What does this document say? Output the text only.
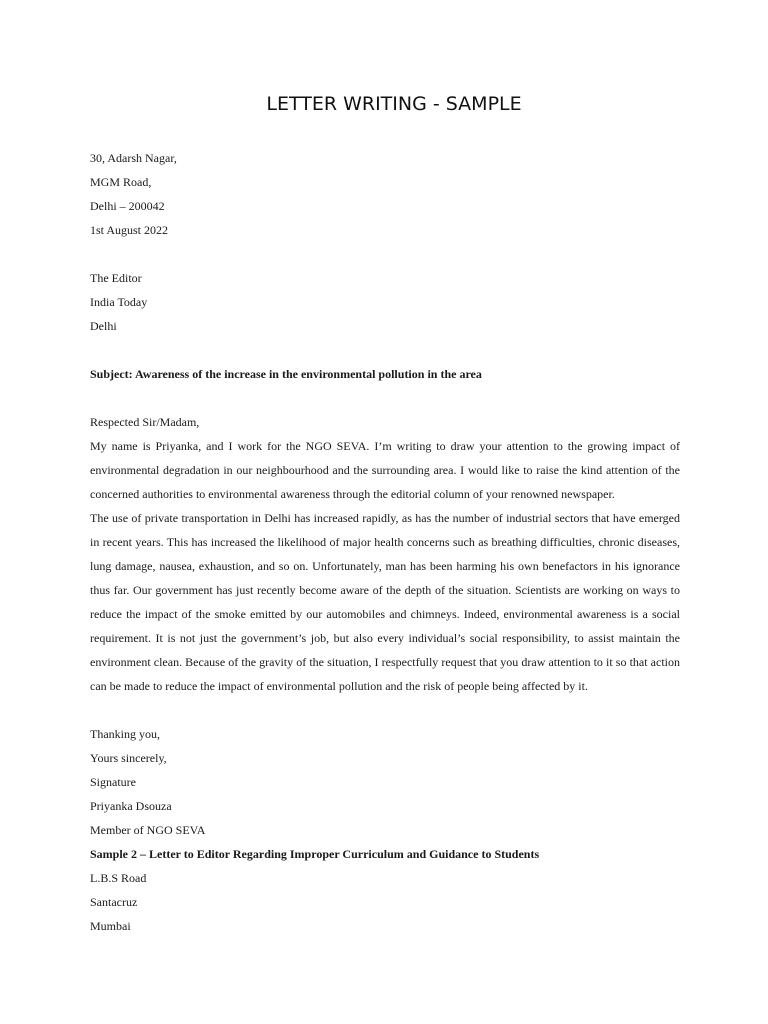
LETTER WRITING - SAMPLE
30, Adarsh Nagar,
MGM Road,
Delhi – 200042
1st August 2022
The Editor
India Today
Delhi
Subject: Awareness of the increase in the environmental pollution in the area
Respected Sir/Madam,
My name is Priyanka, and I work for the NGO SEVA. I’m writing to draw your attention to the growing impact of environmental degradation in our neighbourhood and the surrounding area. I would like to raise the kind attention of the concerned authorities to environmental awareness through the editorial column of your renowned newspaper.
The use of private transportation in Delhi has increased rapidly, as has the number of industrial sectors that have emerged in recent years. This has increased the likelihood of major health concerns such as breathing difficulties, chronic diseases, lung damage, nausea, exhaustion, and so on. Unfortunately, man has been harming his own benefactors in his ignorance thus far. Our government has just recently become aware of the depth of the situation. Scientists are working on ways to reduce the impact of the smoke emitted by our automobiles and chimneys. Indeed, environmental awareness is a social requirement. It is not just the government’s job, but also every individual’s social responsibility, to assist maintain the environment clean. Because of the gravity of the situation, I respectfully request that you draw attention to it so that action can be made to reduce the impact of environmental pollution and the risk of people being affected by it.
Thanking you,
Yours sincerely,
Signature
Priyanka Dsouza
Member of NGO SEVA
Sample 2 – Letter to Editor Regarding Improper Curriculum and Guidance to Students
L.B.S Road
Santacruz
Mumbai
